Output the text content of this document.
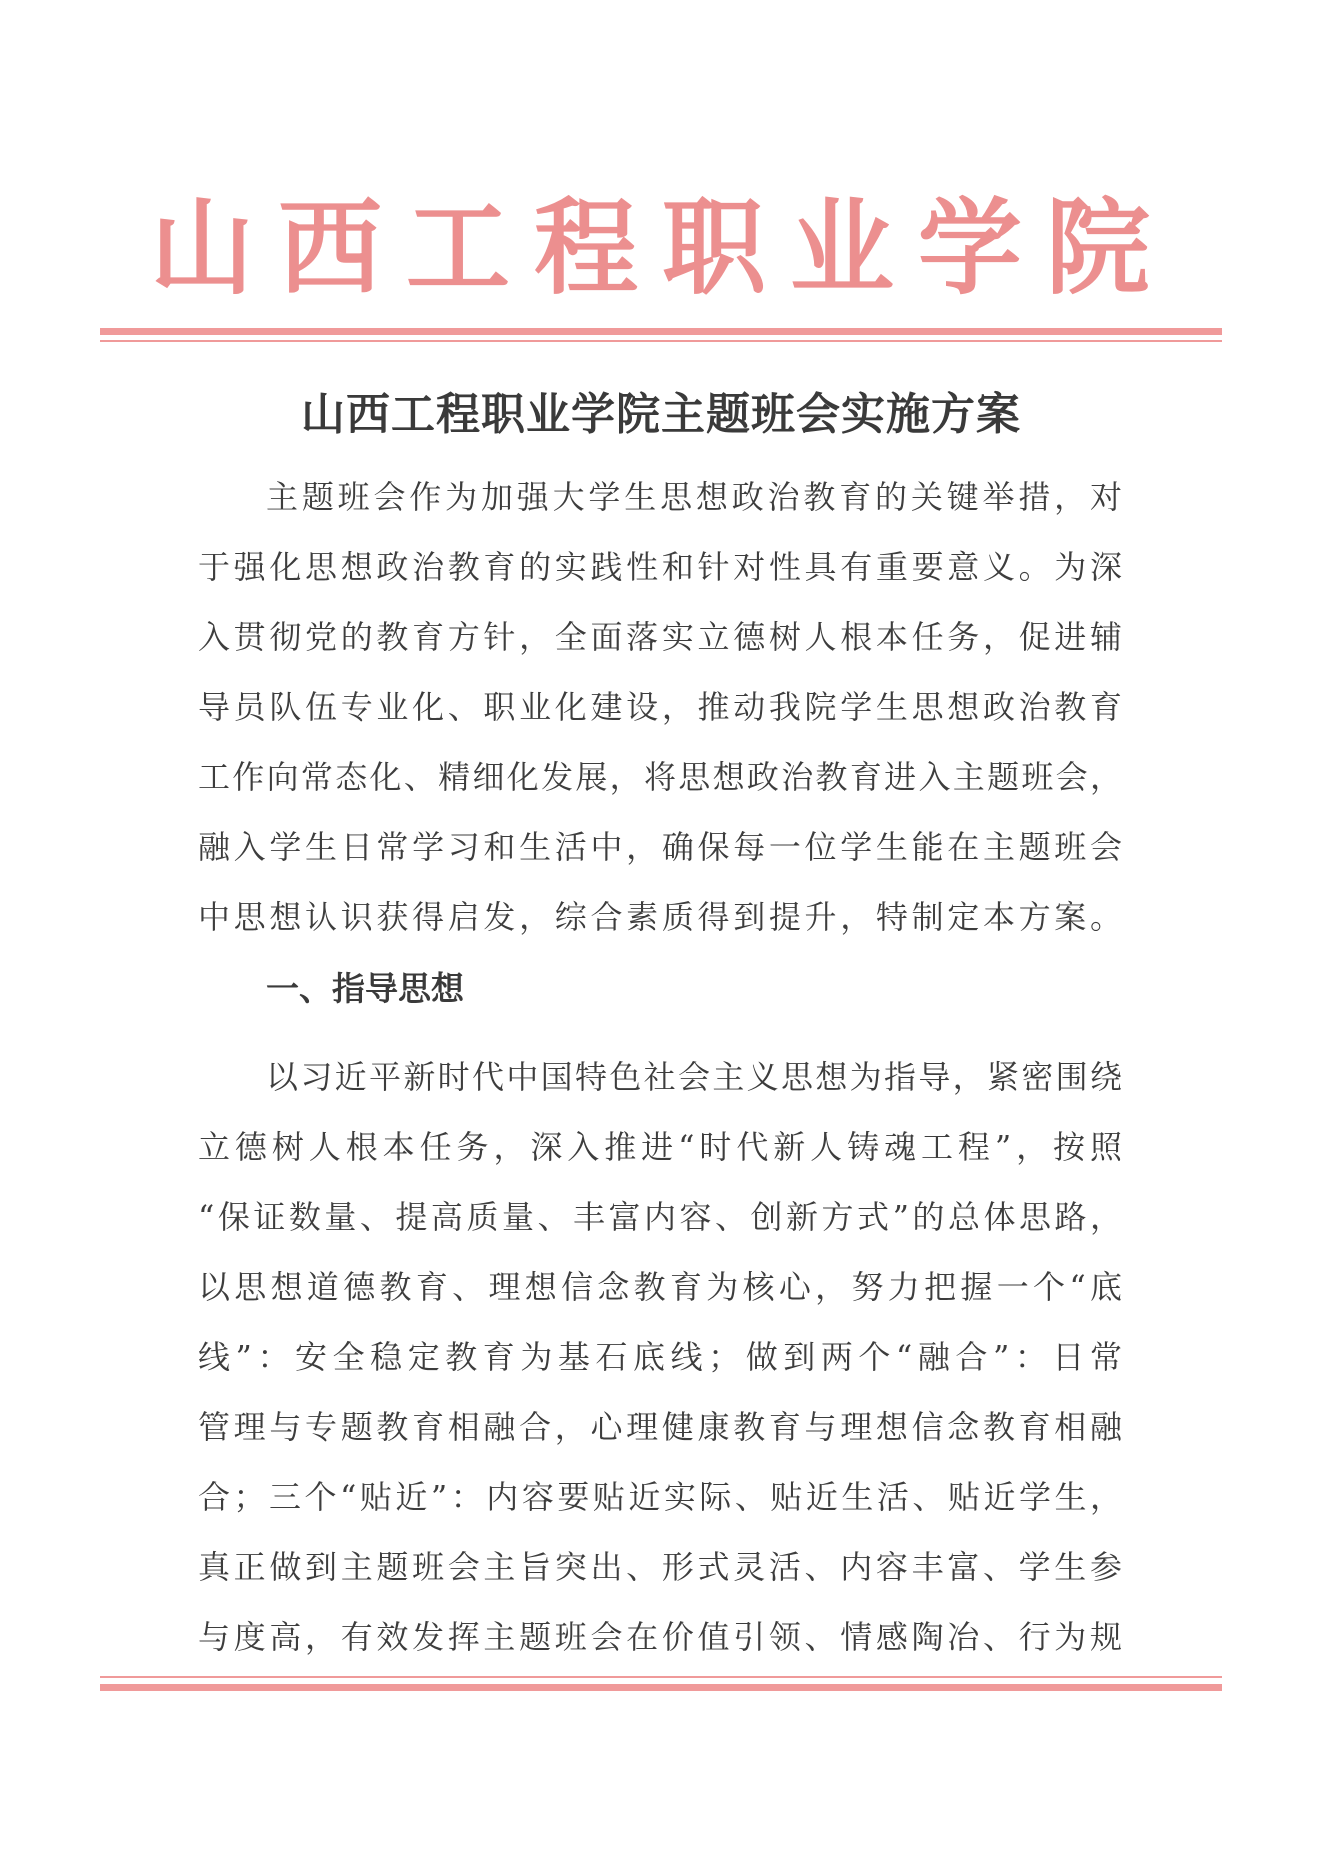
山 西 工 程 职 业 学 院
山西工程职业学院主题班会实施方案
主题班会作为加强大学生思想政治教育的关键举措，对
于强化思想政治教育的实践性和针对性具有重要意义。为深
入贯彻党的教育方针，全面落实立德树人根本任务，促进辅
导员队伍专业化、职业化建设，推动我院学生思想政治教育
工作向常态化、精细化发展，将思想政治教育进入主题班会，
融入学生日常学习和生活中，确保每一位学生能在主题班会
中思想认识获得启发，综合素质得到提升，特制定本方案。
一、指导思想
以习近平新时代中国特色社会主义思想为指导，紧密围绕
立德树人根本任务，深入推进“时代新人铸魂工程”，按照
“保证数量、提高质量、丰富内容、创新方式”的总体思路，
以思想道德教育、理想信念教育为核心，努力把握一个“底
线”：安全稳定教育为基石底线；做到两个“融合”：日常
管理与专题教育相融合，心理健康教育与理想信念教育相融
合；三个“贴近”：内容要贴近实际、贴近生活、贴近学生，
真正做到主题班会主旨突出、形式灵活、内容丰富、学生参
与度高，有效发挥主题班会在价值引领、情感陶冶、行为规
